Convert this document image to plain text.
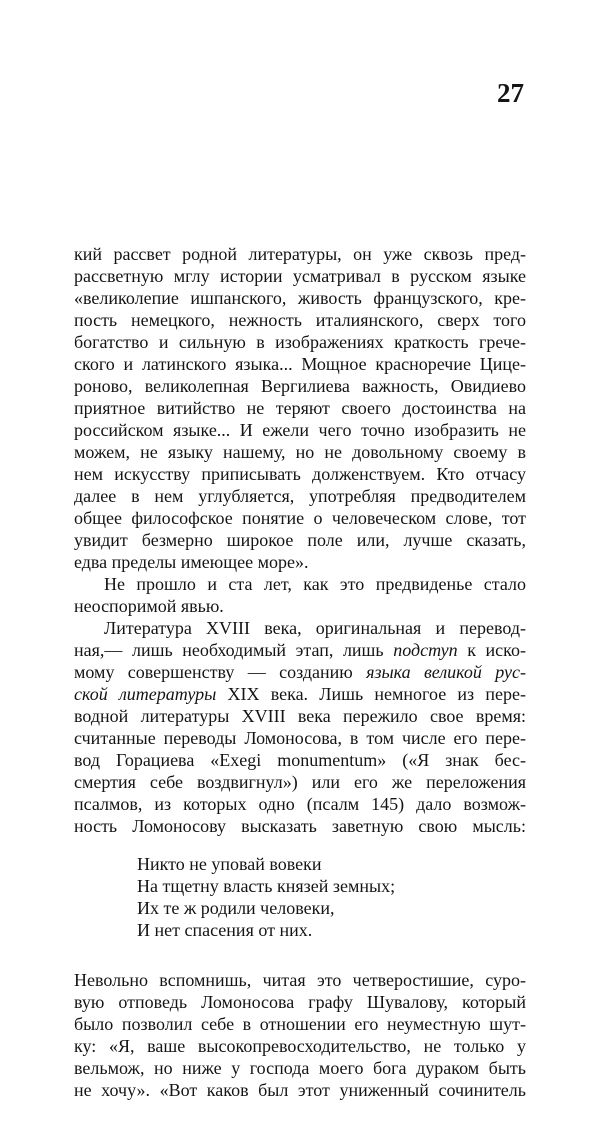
27
кий рассвет родной литературы, он уже сквозь пред-
рассветную мглу истории усматривал в русском языке
«великолепие ишпанского, живость французского, кре-
пость немецкого, нежность италиянского, сверх того
богатство и сильную в изображениях краткость грече-
ского и латинского языка... Мощное красноречие Цице-
роново, великолепная Вергилиева важность, Овидиево
приятное витийство не теряют своего достоинства на
российском языке... И ежели чего точно изобразить не
можем, не языку нашему, но не довольному своему в
нем искусству приписывать долженствуем. Кто отчасу
далее в нем углубляется, употребляя предводителем
общее философское понятие о человеческом слове, тот
увидит безмерно широкое поле или, лучше сказать,
едва пределы имеющее море».
Не прошло и ста лет, как это предвиденье стало
неоспоримой явью.
Литература XVIII века, оригинальная и перевод-
ная,— лишь необходимый этап, лишь подступ к иско-
мому совершенству — созданию языка великой рус-
ской литературы XIX века. Лишь немногое из пере-
водной литературы XVIII века пережило свое время:
считанные переводы Ломоносова, в том числе его пере-
вод Горациева «Exegi monumentum» («Я знак бес-
смертия себе воздвигнул») или его же переложения
псалмов, из которых одно (псалм 145) дало возмож-
ность Ломоносову высказать заветную свою мысль:
Никто не уповай вовеки
На тщетну власть князей земных;
Их те ж родили человеки,
И нет спасения от них.
Невольно вспомнишь, читая это четверостишие, суро-
вую отповедь Ломоносова графу Шувалову, который
было позволил себе в отношении его неуместную шут-
ку: «Я, ваше высокопревосходительство, не только у
вельмож, но ниже у господа моего бога дураком быть
не хочу». «Вот каков был этот униженный сочинитель
